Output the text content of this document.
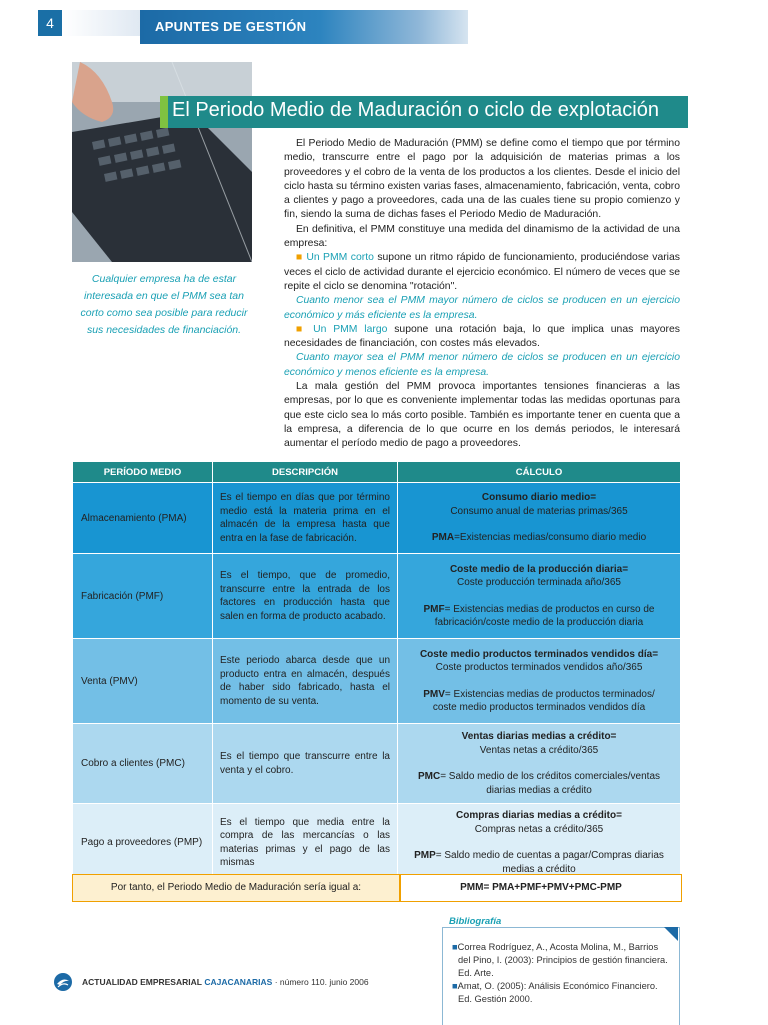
4	APUNTES DE GESTIÓN
El Periodo Medio de Maduración o ciclo de explotación
Cualquier empresa ha de estar interesada en que el PMM sea tan corto como sea posible para reducir sus necesidades de financiación.

El Periodo Medio de Maduración (PMM) se define como el tiempo que por término medio, transcurre entre el pago por la adquisición de materias primas a los proveedores y el cobro de la venta de los productos a los clientes. Desde el inicio del ciclo hasta su término existen varias fases, almacenamiento, fabricación, venta, cobro a clientes y pago a proveedores, cada una de las cuales tiene su propio comienzo y fin, siendo la suma de dichas fases el Periodo Medio de Maduración.

En definitiva, el PMM constituye una medida del dinamismo de la actividad de una empresa:

■ Un PMM corto supone un ritmo rápido de funcionamiento, produciéndose varias veces el ciclo de actividad durante el ejercicio económico. El número de veces que se repite el ciclo se denomina "rotación".

Cuanto menor sea el PMM mayor número de ciclos se producen en un ejercicio económico y más eficiente es la empresa.

■ Un PMM largo supone una rotación baja, lo que implica unas mayores necesidades de financiación, con costes más elevados.

Cuanto mayor sea el PMM menor número de ciclos se producen en un ejercicio económico y menos eficiente es la empresa.

La mala gestión del PMM provoca importantes tensiones financieras a las empresas, por lo que es conveniente implementar todas las medidas oportunas para que este ciclo sea lo más corto posible. También es importante tener en cuenta que a la empresa, a diferencia de lo que ocurre en los demás periodos, le interesará aumentar el período medio de pago a proveedores.

PERÍODO MEDIO	DESCRIPCIÓN	CÁLCULO
Almacenamiento (PMA)	Es el tiempo en días que por término medio está la materia prima en el almacén de la empresa hasta que entra en la fase de fabricación.	Consumo diario medio=
Consumo anual de materias primas/365
PMA=Existencias medias/consumo diario medio

Fabricación (PMF)	Es el tiempo, que de promedio, transcurre entre la entrada de los factores en producción hasta que salen en forma de producto acabado.	Coste medio de la producción diaria=
Coste producción terminada año/365
PMF= Existencias medias de productos en curso de fabricación/coste medio de la producción diaria

Venta (PMV)	Este periodo abarca desde que un producto entra en almacén, después de haber sido fabricado, hasta el momento de su venta.	Coste medio productos terminados vendidos día=
Coste productos terminados vendidos año/365
PMV= Existencias medias de productos terminados/ coste medio productos terminados vendidos día

Cobro a clientes (PMC)	Es el tiempo que transcurre entre la venta y el cobro.	Ventas diarias medias a crédito=
Ventas netas a crédito/365
PMC= Saldo medio de los créditos comerciales/ventas diarias medias a crédito

Pago a proveedores (PMP)	Es el tiempo que media entre la compra de las mercancías o las materias primas y el pago de las mismas	Compras diarias medias a crédito=
Compras netas a crédito/365
PMP= Saldo medio de cuentas a pagar/Compras diarias medias a crédito
Por tanto, el Periodo Medio de Maduración sería igual a:	PMM= PMA+PMF+PMV+PMC-PMP
Bibliografía
■Correa Rodríguez, A., Acosta Molina, M., Barrios del Pino, I. (2003): Principios de gestión financiera. Ed. Arte.
■Amat, O. (2005): Análisis Económico Financiero. Ed. Gestión 2000.
ACTUALIDAD EMPRESARIAL CAJACANARIAS · número 110. junio 2006
